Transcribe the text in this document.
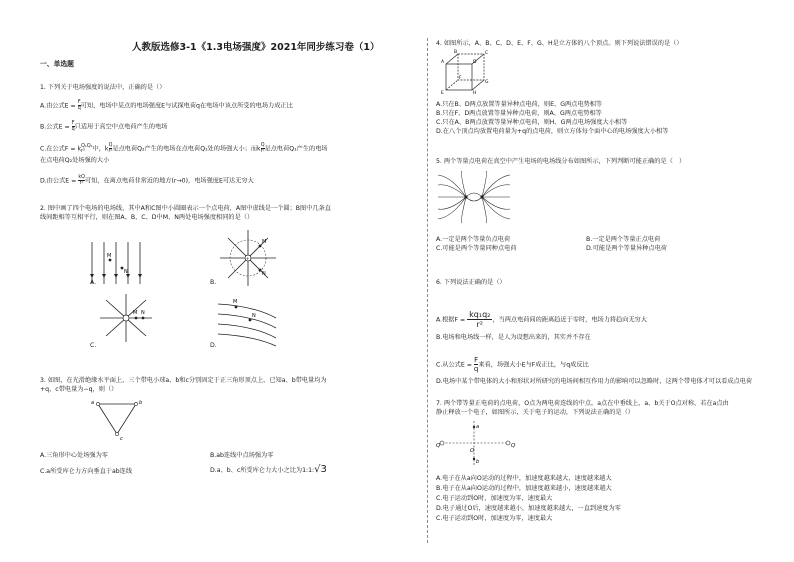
人教版选修3-1《1.3电场强度》2021年同步练习卷（1）
一、单选题
1. 下列关于电场强度的说法中，正确的是（）
A.由公式$E = \frac{F}{q}$ 可知，电场中某点的电场强度E与试探电荷q在电场中该点所受的电场力成正比
B.公式$E = \frac{F}{q}$ 只适用于真空中点电荷产生的电场
C.在公式F = kQ₁Q₂
r² 中，k $\frac{Q}{\text{r²}}$ 是点电荷Q₂产生的电场在点电荷Q₁处的场强大小；而k $\frac{Q}{\text{r²}}$ 是点电荷Q₁产生的电场
在点电荷Q₂处场强的大小
D.由公式$E = \frac{kQ}{\text{r²}}$ 可知，在离点电荷非常近的地方(r→0)，电场强度E可达无穷大
2. 图中画了四个电场的电场线，其中A和C图中小圆圈表示一个点电荷，A图中虚线是一个圆；B图中几条直
线间距相等互相平行，则在图A、B、C、D中M、N两处电场强度相同的是（）
M
N
A.
+
M
N
B.
M N
C.
M
N
D.
3. 如图，在光滑绝缘水平面上，三个带电小球a、b和c分别固定于正三角形顶点上，已知a、b带电量均为
+q，c带电量为−q，则（）
a	b
c
A.三角形中心处场强为零	B.ab连线中点场强为零
C.a所受库仑力方向垂直于ab连线	D.a、b、c所受库仑力大小之比为1:1:√3
4. 如图所示，A、B、C、D、E、F、G、H是立方体的八个顶点。则下列说法错误的是（）
A
B	C
D
E
F
G
H
A.只在B、D两点放置等量异种点电荷，则E、G两点电势相等
B.只在F、D两点放置等量异种点电荷，则A、G两点电势相等
C.只在A、B两点放置等量异种点电荷，则H、G两点电场强度大小相等
D.在八个顶点均放置电荷量为+q的点电荷，则立方体每个面中心的电场强度大小相等
5. 两个等量点电荷在真空中产生电场的电场线分布如图所示，下列判断可能正确的是（　）
A.一定是两个等量负点电荷	B.一定是两个等量正点电荷
C.可能是两个等量同种点电荷	D.可能是两个等量异种点电荷
6. 下列说法正确的是（）
A.根据$F = \frac{\text{kq₁q₂}}{\text{r²}}$ ，当两点电荷间的距离趋近于零时，电场力将趋向无穷大
B.电场和电场线一样，是人为设想出来的，其实并不存在
C.从公式$E = \frac{F}{q}$ 来看，场强大小E与F成正比，与q成反比
D.电场中某个带电体的大小和形状对所研究的电场间相互作用力的影响可以忽略时，这两个带电体才可以看成点电荷
7. 两个带等量正电荷的点电荷，O点为两电荷连线的中点，a点在中垂线上，a、b关于O点对称，若在a点由
静止释放一个电子，如图所示，关于电子的运动，下列说法正确的是（）
Q	Q
O
a
b
A.电子在从a向O运动的过程中，加速度越来越大，速度越来越大
B.电子在从a向O运动的过程中，加速度越来越小，速度越来越大
C.电子运动到O时，加速度为零，速度最大
D.电子通过O后，速度越来越小，加速度越来越大，一直到速度为零
C.电子运动到O时，加速度为零，速度最大
